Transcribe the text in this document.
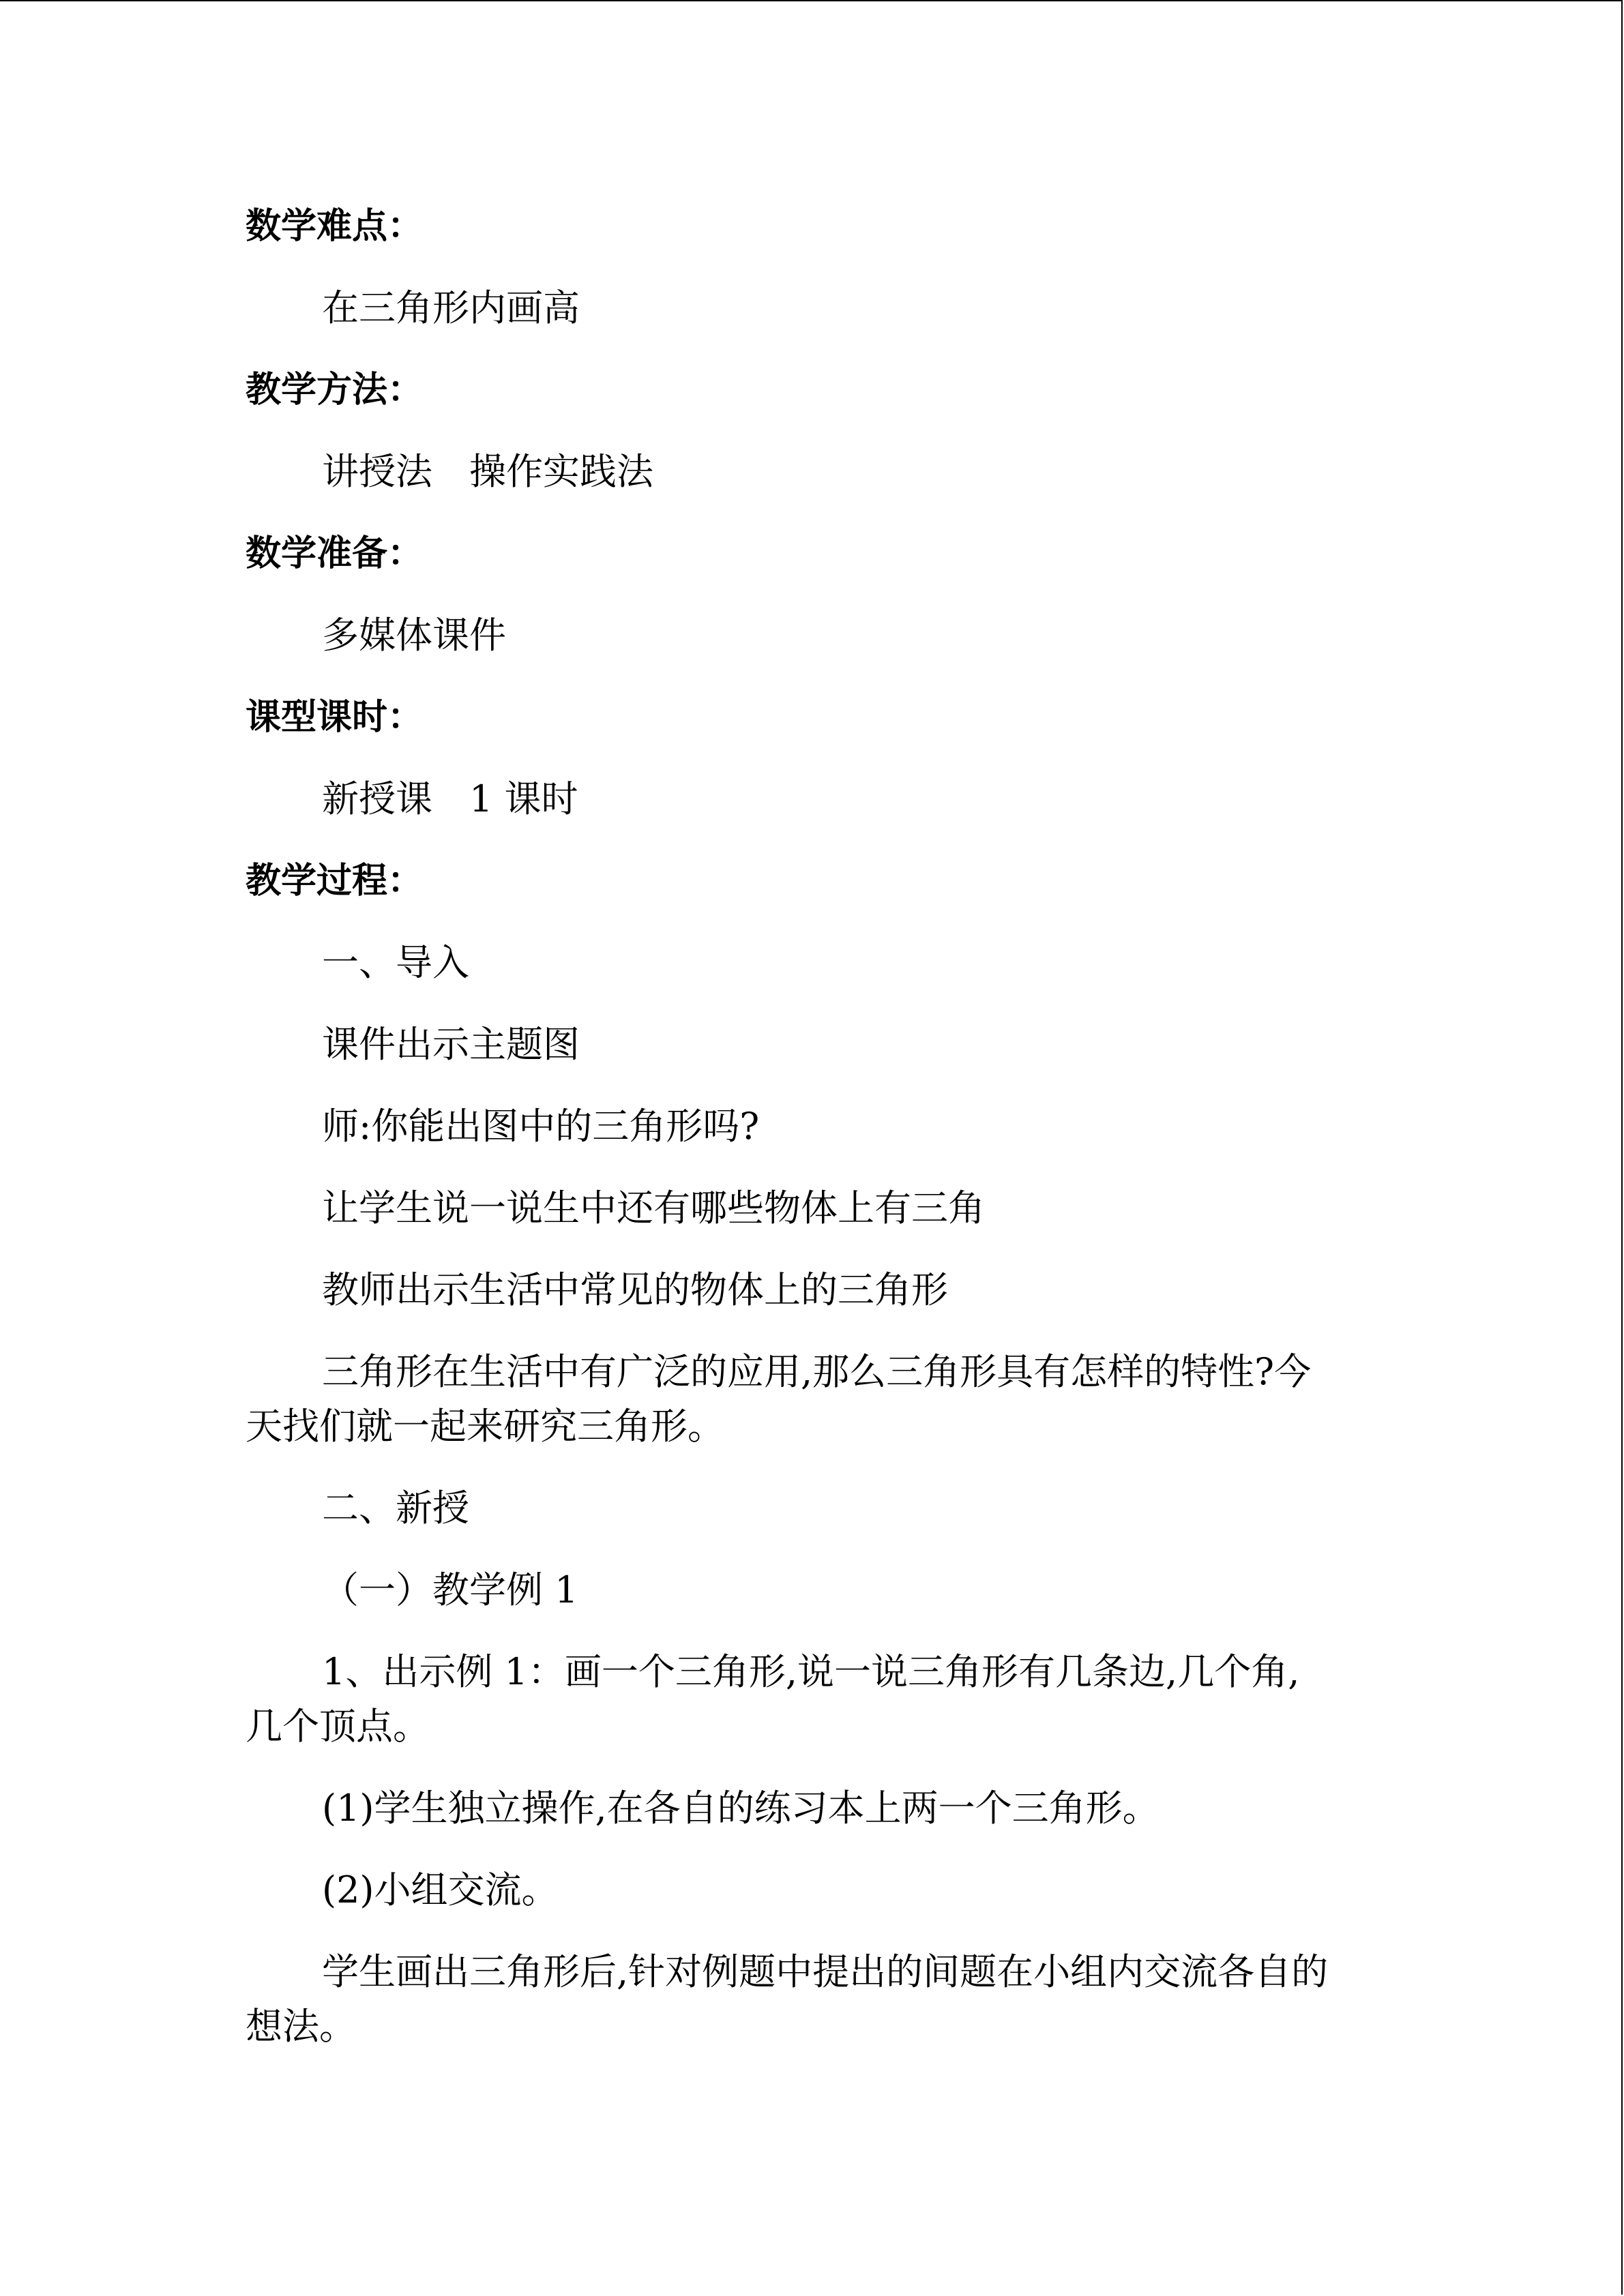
数学难点：
在三角形内画高
教学方法：
讲授法　操作实践法
数学准备：
多媒体课件
课型课时：
新授课　1 课时
教学过程：
一、导入
课件出示主题图
师:你能出图中的三角形吗?
让学生说一说生中还有哪些物体上有三角
教师出示生活中常见的物体上的三角形
三角形在生活中有广泛的应用,那么三角形具有怎样的特性?今
天找们就一起来研究三角形。
二、新授
（一）教学例 1
1、出示例 1：画一个三角形,说一说三角形有几条边,几个角,
几个顶点。
(1)学生独立操作,在各自的练习本上两一个三角形。
(2)小组交流。
学生画出三角形后,针对例题中提出的间题在小组内交流各自的
想法。
